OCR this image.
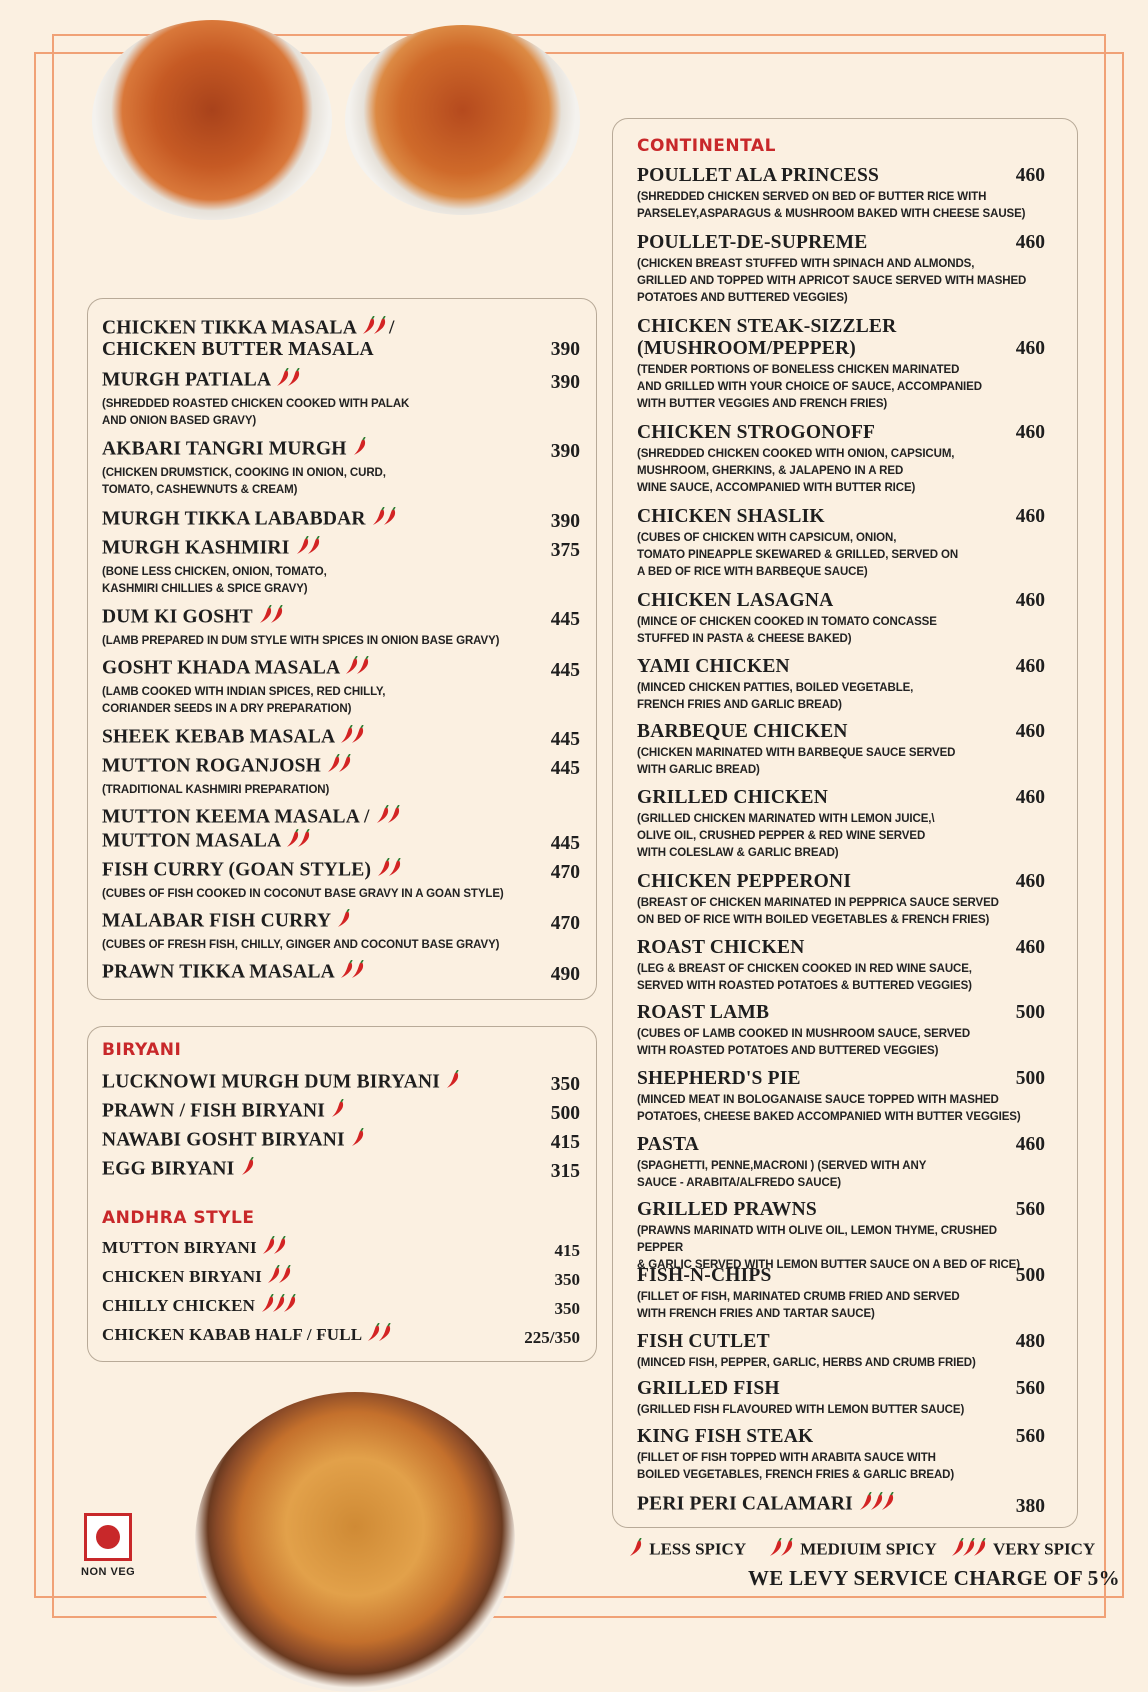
CHICKEN TIKKA MASALA /
CHICKEN BUTTER MASALA	390
MURGH PATIALA	390
(SHREDDED ROASTED CHICKEN COOKED WITH PALAK
AND ONION BASED GRAVY)
AKBARI TANGRI MURGH	390
(CHICKEN DRUMSTICK, COOKING IN ONION, CURD,
TOMATO, CASHEWNUTS & CREAM)
MURGH TIKKA LABABDAR	390
MURGH KASHMIRI	375
(BONE LESS CHICKEN, ONION, TOMATO,
KASHMIRI CHILLIES & SPICE GRAVY)
DUM KI GOSHT	445
(LAMB PREPARED IN DUM STYLE WITH SPICES IN ONION BASE GRAVY)
GOSHT KHADA MASALA	445
(LAMB COOKED WITH INDIAN SPICES, RED CHILLY,
CORIANDER SEEDS IN A DRY PREPARATION)
SHEEK KEBAB MASALA	445
MUTTON ROGANJOSH	445
(TRADITIONAL KASHMIRI PREPARATION)
MUTTON KEEMA MASALA /
MUTTON MASALA	445
FISH CURRY (GOAN STYLE)	470
(CUBES OF FISH COOKED IN COCONUT BASE GRAVY IN A GOAN STYLE)
MALABAR FISH CURRY	470
(CUBES OF FRESH FISH, CHILLY, GINGER AND COCONUT BASE GRAVY)
PRAWN TIKKA MASALA	490
BIRYANI
LUCKNOWI MURGH DUM BIRYANI	350
PRAWN / FISH BIRYANI	500
NAWABI GOSHT BIRYANI	415
EGG BIRYANI	315
ANDHRA STYLE
MUTTON BIRYANI	415
CHICKEN BIRYANI	350
CHILLY CHICKEN	350
CHICKEN KABAB HALF / FULL	225/350
CONTINENTAL
POULLET ALA PRINCESS	460
(SHREDDED CHICKEN SERVED ON BED OF BUTTER RICE WITH
PARSELEY,ASPARAGUS & MUSHROOM BAKED WITH CHEESE SAUSE)
POULLET-DE-SUPREME	460
(CHICKEN BREAST STUFFED WITH SPINACH AND ALMONDS,
GRILLED AND TOPPED WITH APRICOT SAUCE SERVED WITH MASHED
POTATOES AND BUTTERED VEGGIES)
CHICKEN STEAK-SIZZLER
(MUSHROOM/PEPPER)	460
(TENDER PORTIONS OF BONELESS CHICKEN MARINATED
AND GRILLED WITH YOUR CHOICE OF SAUCE, ACCOMPANIED
WITH BUTTER VEGGIES AND FRENCH FRIES)
CHICKEN STROGONOFF	460
(SHREDDED CHICKEN COOKED WITH ONION, CAPSICUM,
MUSHROOM, GHERKINS, & JALAPENO IN A RED
WINE SAUCE, ACCOMPANIED WITH BUTTER RICE)
CHICKEN SHASLIK	460
(CUBES OF CHICKEN WITH CAPSICUM, ONION,
TOMATO PINEAPPLE SKEWARED & GRILLED, SERVED ON
A BED OF RICE WITH BARBEQUE SAUCE)
CHICKEN LASAGNA	460
(MINCE OF CHICKEN COOKED IN TOMATO CONCASSE
STUFFED IN PASTA & CHEESE BAKED)
YAMI CHICKEN	460
(MINCED CHICKEN PATTIES, BOILED VEGETABLE,
FRENCH FRIES AND GARLIC BREAD)
BARBEQUE CHICKEN	460
(CHICKEN MARINATED WITH BARBEQUE SAUCE SERVED
WITH GARLIC BREAD)
GRILLED CHICKEN	460
(GRILLED CHICKEN MARINATED WITH LEMON JUICE,\
OLIVE OIL, CRUSHED PEPPER & RED WINE SERVED
WITH COLESLAW & GARLIC BREAD)
CHICKEN PEPPERONI	460
(BREAST OF CHICKEN MARINATED IN PEPPRICA SAUCE SERVED
ON BED OF RICE WITH BOILED VEGETABLES & FRENCH FRIES)
ROAST CHICKEN	460
(LEG & BREAST OF CHICKEN COOKED IN RED WINE SAUCE,
SERVED WITH ROASTED POTATOES & BUTTERED VEGGIES)
ROAST LAMB	500
(CUBES OF LAMB COOKED IN MUSHROOM SAUCE, SERVED
WITH ROASTED POTATOES AND BUTTERED VEGGIES)
SHEPHERD'S PIE	500
(MINCED MEAT IN BOLOGANAISE SAUCE TOPPED WITH MASHED
POTATOES, CHEESE BAKED ACCOMPANIED WITH BUTTER VEGGIES)
PASTA	460
(SPAGHETTI, PENNE,MACRONI ) (SERVED WITH ANY
SAUCE - ARABITA/ALFREDO SAUCE)
GRILLED PRAWNS	560
(PRAWNS MARINATD WITH OLIVE OIL, LEMON THYME, CRUSHED PEPPER
& GARLIC SERVED WITH LEMON BUTTER SAUCE ON A BED OF RICE)
FISH-N-CHIPS	500
(FILLET OF FISH, MARINATED CRUMB FRIED AND SERVED
WITH FRENCH FRIES AND TARTAR SAUCE)
FISH CUTLET	480
(MINCED FISH, PEPPER, GARLIC, HERBS AND CRUMB FRIED)
GRILLED FISH	560
(GRILLED FISH FLAVOURED WITH LEMON BUTTER SAUCE)
KING FISH STEAK	560
(FILLET OF FISH TOPPED WITH ARABITA SAUCE WITH
BOILED VEGETABLES, FRENCH FRIES & GARLIC BREAD)
PERI PERI CALAMARI	380
NON VEG
LESS SPICY	MEDIUIM SPICY	VERY SPICY
WE LEVY SERVICE CHARGE OF 5%
